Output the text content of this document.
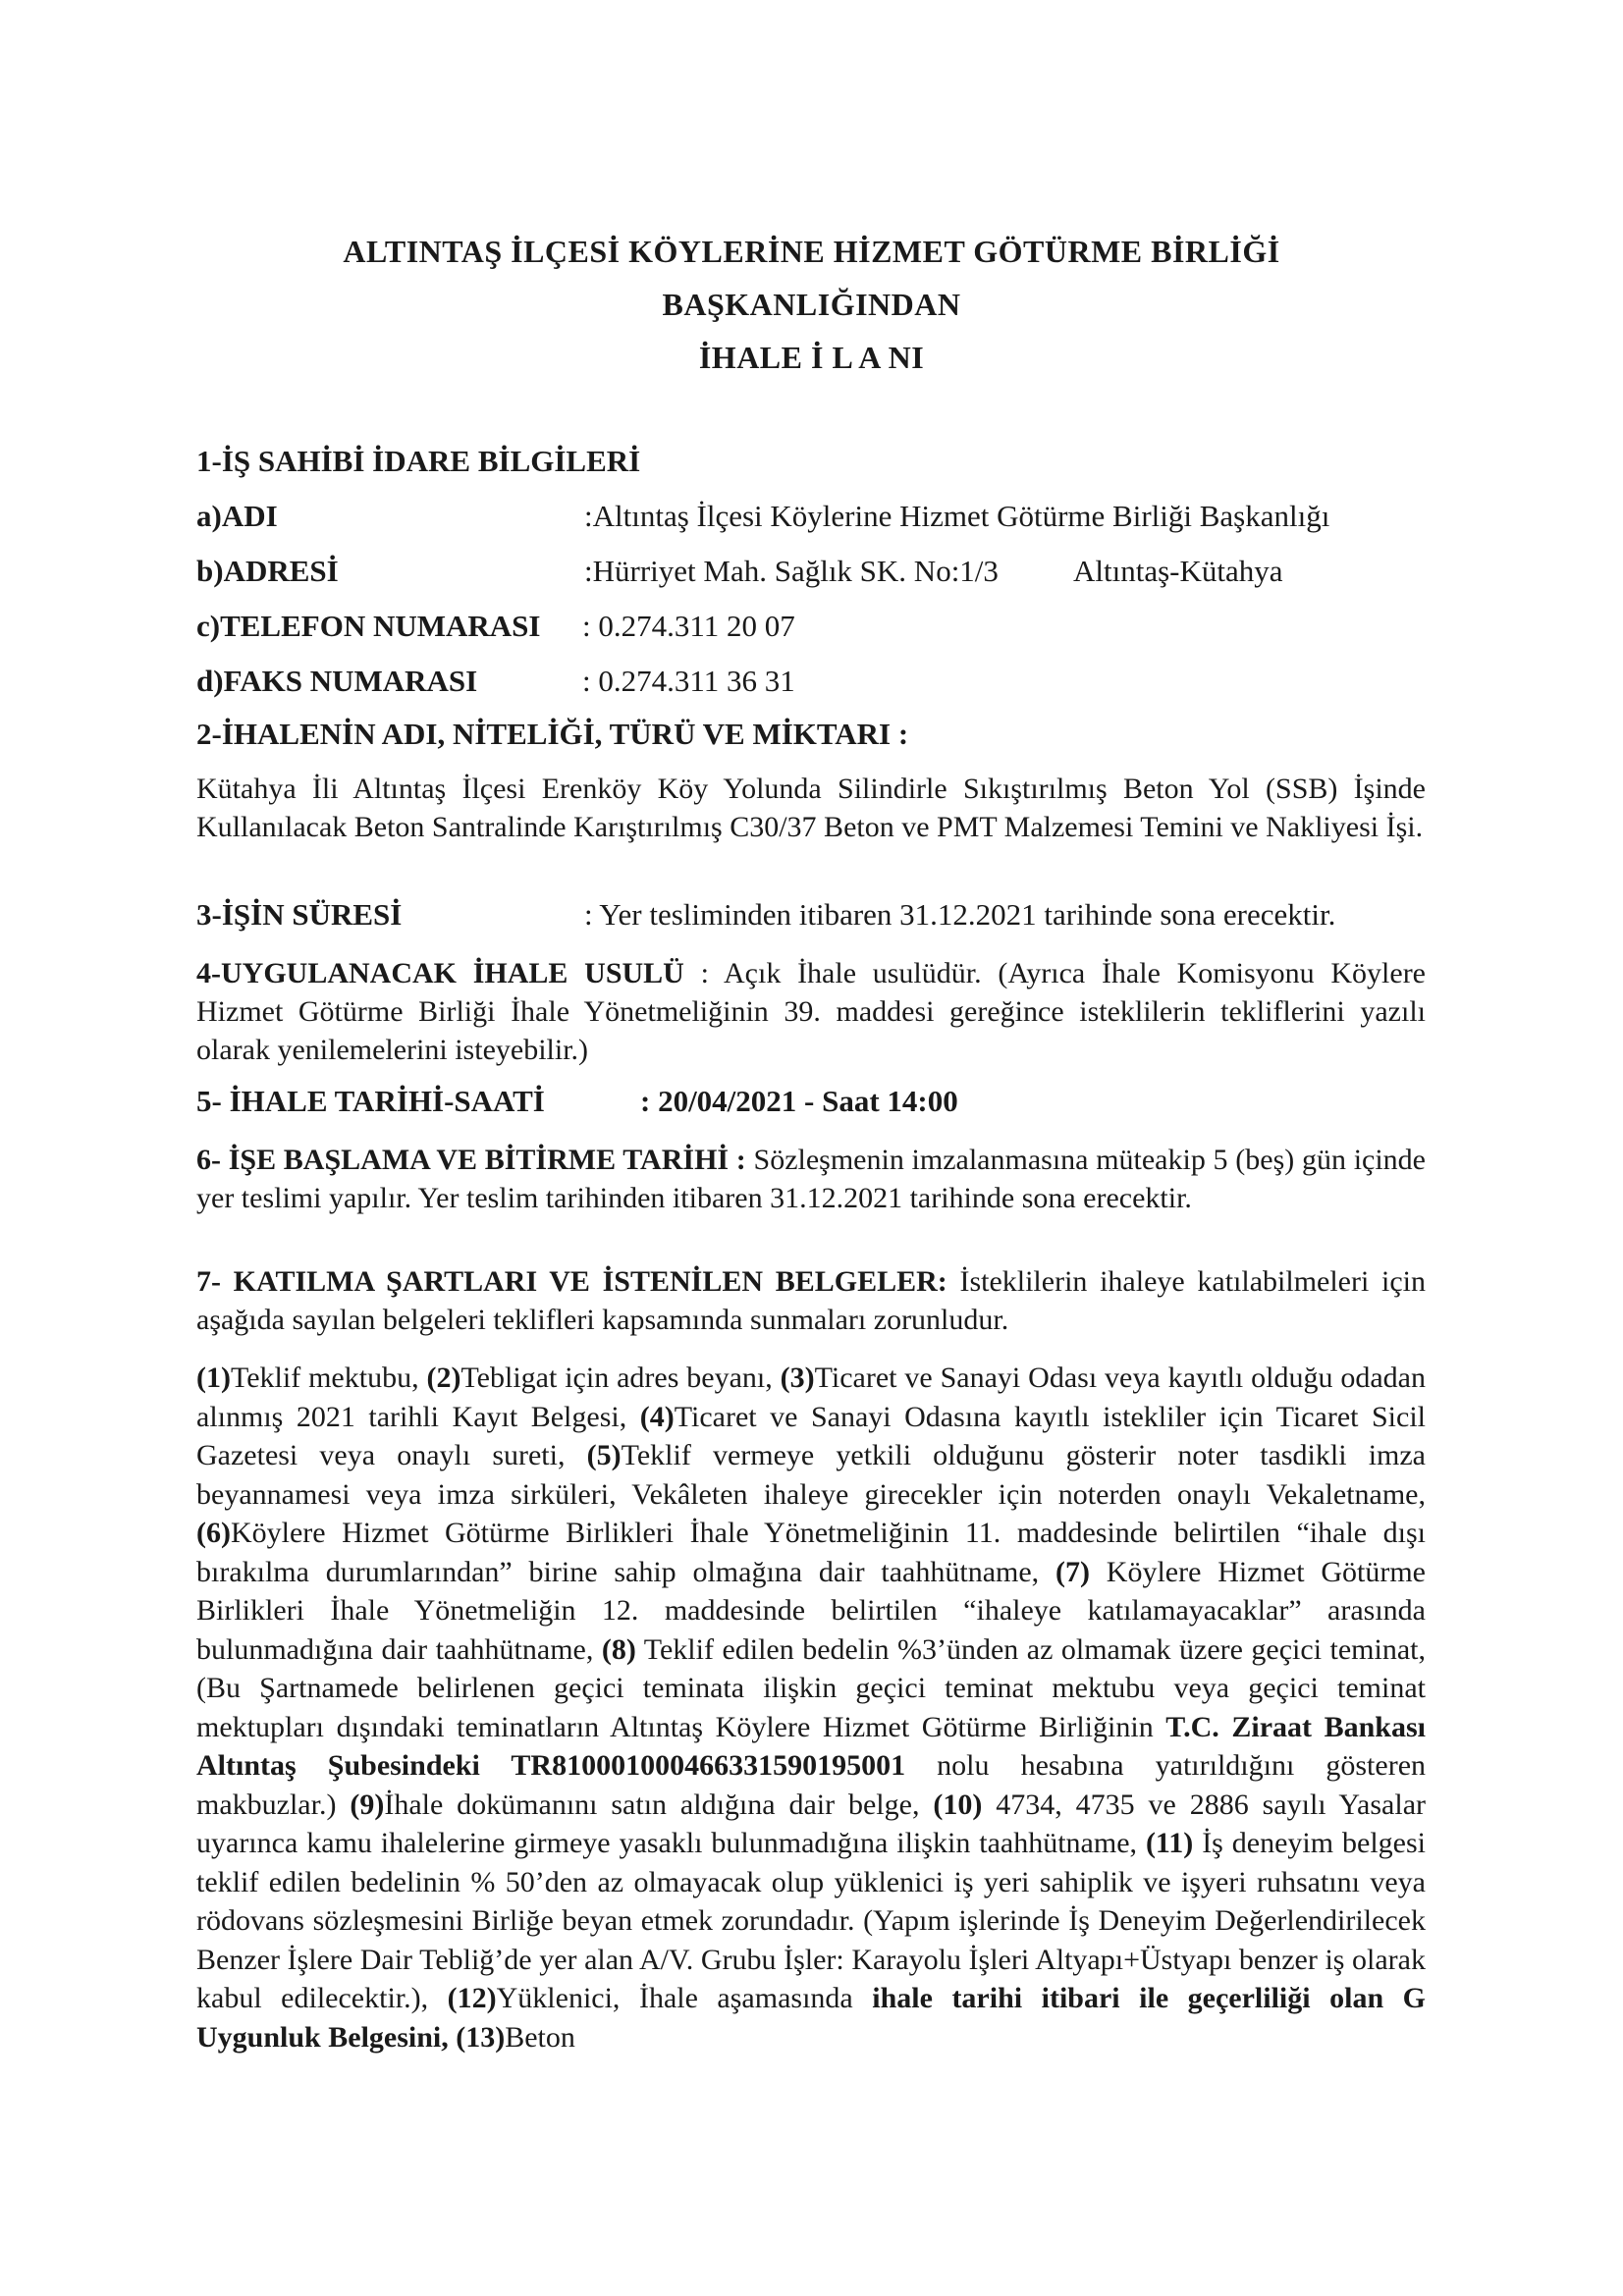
ALTINTAŞ İLÇESİ KÖYLERİNE HİZMET GÖTÜRME BİRLİĞİ
BAŞKANLIĞINDAN
İHALE İ L A NI
1-İŞ SAHİBİ İDARE BİLGİLERİ
a)ADI	:Altıntaş İlçesi Köylerine Hizmet Götürme Birliği Başkanlığı
b)ADRESİ	:Hürriyet Mah. Sağlık SK. No:1/3 Altıntaş-Kütahya
c)TELEFON NUMARASI : 0.274.311 20 07
d)FAKS NUMARASI	: 0.274.311 36 31
2-İHALENİN ADI, NİTELİĞİ, TÜRÜ VE MİKTARI :
Kütahya İli Altıntaş İlçesi Erenköy Köy Yolunda Silindirle Sıkıştırılmış Beton Yol (SSB) İşinde Kullanılacak Beton Santralinde Karıştırılmış C30/37 Beton ve PMT Malzemesi Temini ve Nakliyesi İşi.
3-İŞİN SÜRESİ	: Yer tesliminden itibaren 31.12.2021 tarihinde sona erecektir.
4-UYGULANACAK İHALE USULÜ : Açık İhale usulüdür. (Ayrıca İhale Komisyonu Köylere Hizmet Götürme Birliği İhale Yönetmeliğinin 39. maddesi gereğince isteklilerin tekliflerini yazılı olarak yenilemelerini isteyebilir.)
5- İHALE TARİHİ-SAATİ	: 20/04/2021 - Saat 14:00
6- İŞE BAŞLAMA VE BİTİRME TARİHİ : Sözleşmenin imzalanmasına müteakip 5 (beş) gün içinde yer teslimi yapılır. Yer teslim tarihinden itibaren 31.12.2021 tarihinde sona erecektir.
7- KATILMA ŞARTLARI VE İSTENİLEN BELGELER: İsteklilerin ihaleye katılabilmeleri için aşağıda sayılan belgeleri teklifleri kapsamında sunmaları zorunludur.
(1)Teklif mektubu, (2)Tebligat için adres beyanı, (3)Ticaret ve Sanayi Odası veya kayıtlı olduğu odadan alınmış 2021 tarihli Kayıt Belgesi, (4)Ticaret ve Sanayi Odasına kayıtlı istekliler için Ticaret Sicil Gazetesi veya onaylı sureti, (5)Teklif vermeye yetkili olduğunu gösterir noter tasdikli imza beyannamesi veya imza sirküleri, Vekâleten ihaleye girecekler için noterden onaylı Vekaletname, (6)Köylere Hizmet Götürme Birlikleri İhale Yönetmeliğinin 11. maddesinde belirtilen “ihale dışı bırakılma durumlarından” birine sahip olmağına dair taahhütname, (7) Köylere Hizmet Götürme Birlikleri İhale Yönetmeliğin 12. maddesinde belirtilen “ihaleye katılamayacaklar” arasında bulunmadığına dair taahhütname, (8) Teklif edilen bedelin %3’ünden az olmamak üzere geçici teminat,(Bu Şartnamede belirlenen geçici teminata ilişkin geçici teminat mektubu veya geçici teminat mektupları dışındaki teminatların Altıntaş Köylere Hizmet Götürme Birliğinin T.C. Ziraat Bankası Altıntaş Şubesindeki TR810001000466331590195001 nolu hesabına yatırıldığını gösteren makbuzlar.) (9)İhale dokümanını satın aldığına dair belge, (10) 4734, 4735 ve 2886 sayılı Yasalar uyarınca kamu ihalelerine girmeye yasaklı bulunmadığına ilişkin taahhütname, (11) İş deneyim belgesi teklif edilen bedelinin % 50’den az olmayacak olup yüklenici iş yeri sahiplik ve işyeri ruhsatını veya rödovans sözleşmesini Birliğe beyan etmek zorundadır. (Yapım işlerinde İş Deneyim Değerlendirilecek Benzer İşlere Dair Tebliğ’de yer alan A/V. Grubu İşler: Karayolu İşleri Altyapı+Üstyapı benzer iş olarak kabul edilecektir.), (12)Yüklenici, İhale aşamasında ihale tarihi itibari ile geçerliliği olan G Uygunluk Belgesini, (13)Beton
